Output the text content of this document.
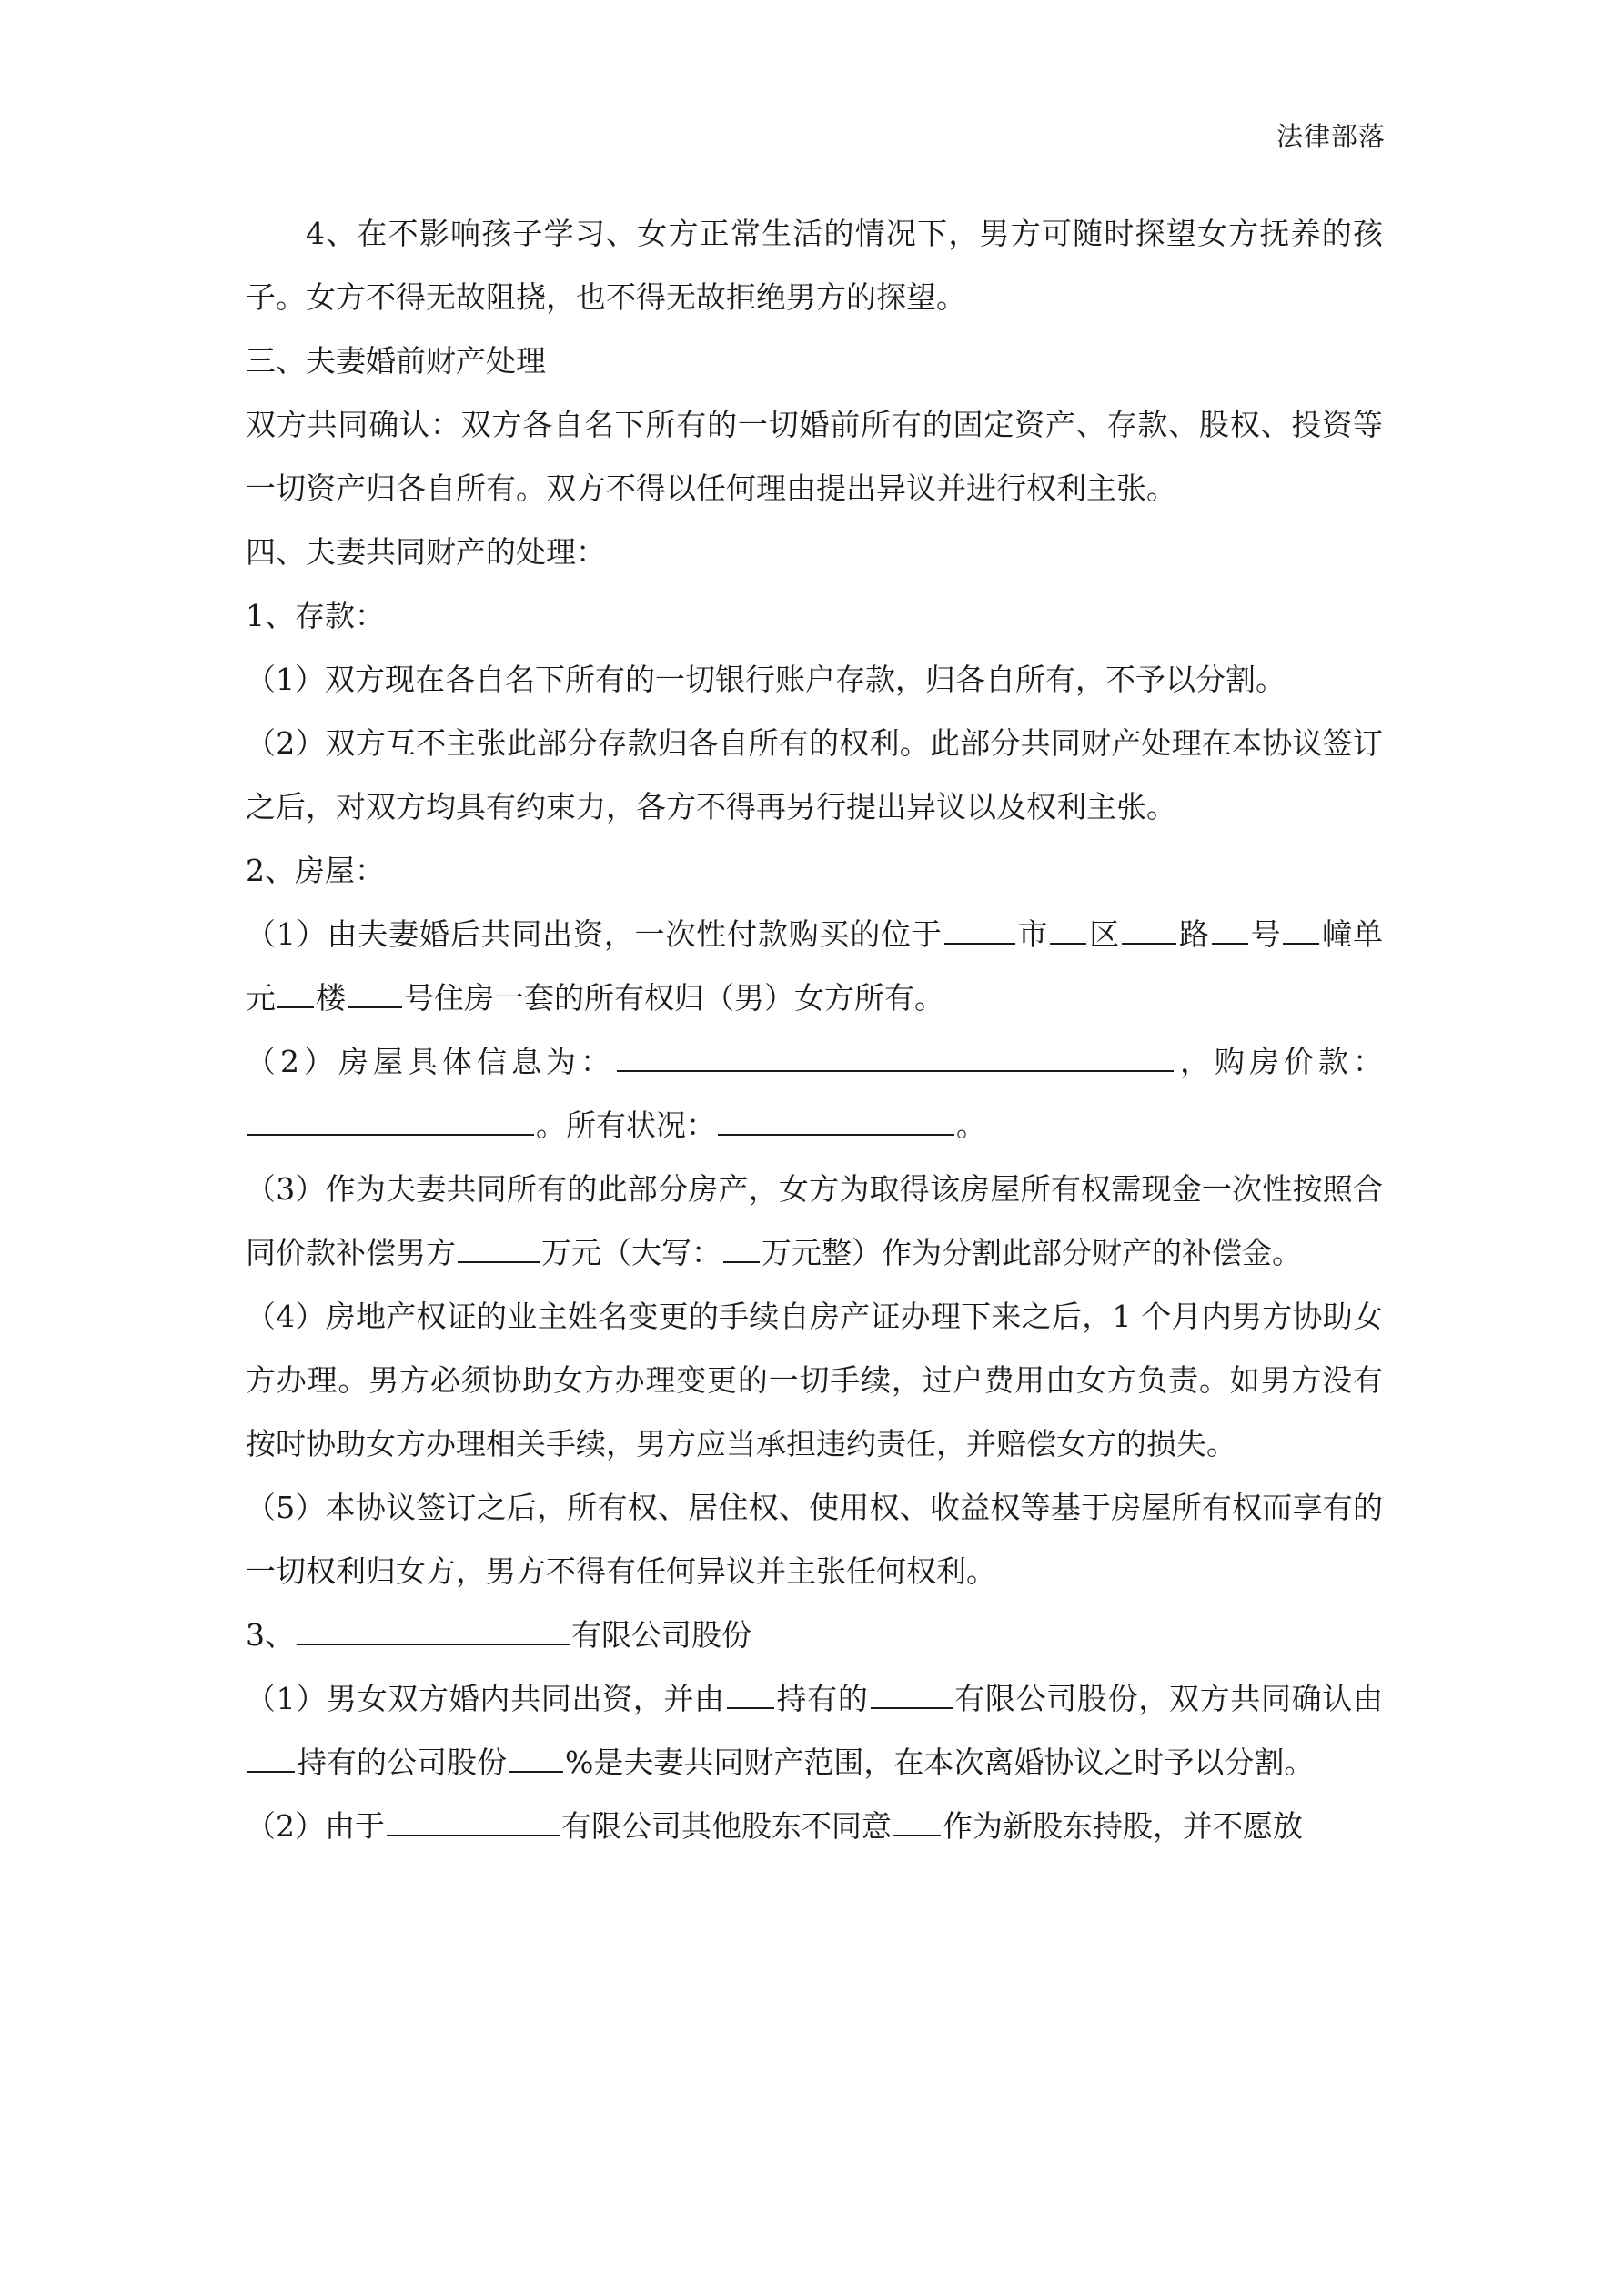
法律部落

4、在不影响孩子学习、女方正常生活的情况下，男方可随时探望女方抚养的孩子。女方不得无故阻挠，也不得无故拒绝男方的探望。

三、夫妻婚前财产处理

双方共同确认：双方各自名下所有的一切婚前所有的固定资产、存款、股权、投资等一切资产归各自所有。双方不得以任何理由提出异议并进行权利主张。

四、夫妻共同财产的处理：

1、存款：

（1）双方现在各自名下所有的一切银行账户存款，归各自所有，不予以分割。

（2）双方互不主张此部分存款归各自所有的权利。此部分共同财产处理在本协议签订之后，对双方均具有约束力，各方不得再另行提出异议以及权利主张。

2、房屋：

（1）由夫妻婚后共同出资，一次性付款购买的位于 市 区 路 号 幢单元 楼 号住房一套的所有权归（男）女方所有。

（2）房屋具体信息为：	，购房价款：。所有状况：	。

（3）作为夫妻共同所有的此部分房产，女方为取得该房屋所有权需现金一次性按照合同价款补偿男方	万元（大写： 万元整）作为分割此部分财产的补偿金。

（4）房地产权证的业主姓名变更的手续自房产证办理下来之后，1 个月内男方协助女方办理。男方必须协助女方办理变更的一切手续，过户费用由女方负责。如男方没有按时协助女方办理相关手续，男方应当承担违约责任，并赔偿女方的损失。

（5）本协议签订之后，所有权、居住权、使用权、收益权等基于房屋所有权而享有的一切权利归女方，男方不得有任何异议并主张任何权利。

3、	有限公司股份

（1）男女双方婚内共同出资，并由 持有的	有限公司股份，双方共同确认由持有的公司股份 %是夫妻共同财产范围，在本次离婚协议之时予以分割。

（2）由于	有限公司其他股东不同意 作为新股东持股，并不愿放
